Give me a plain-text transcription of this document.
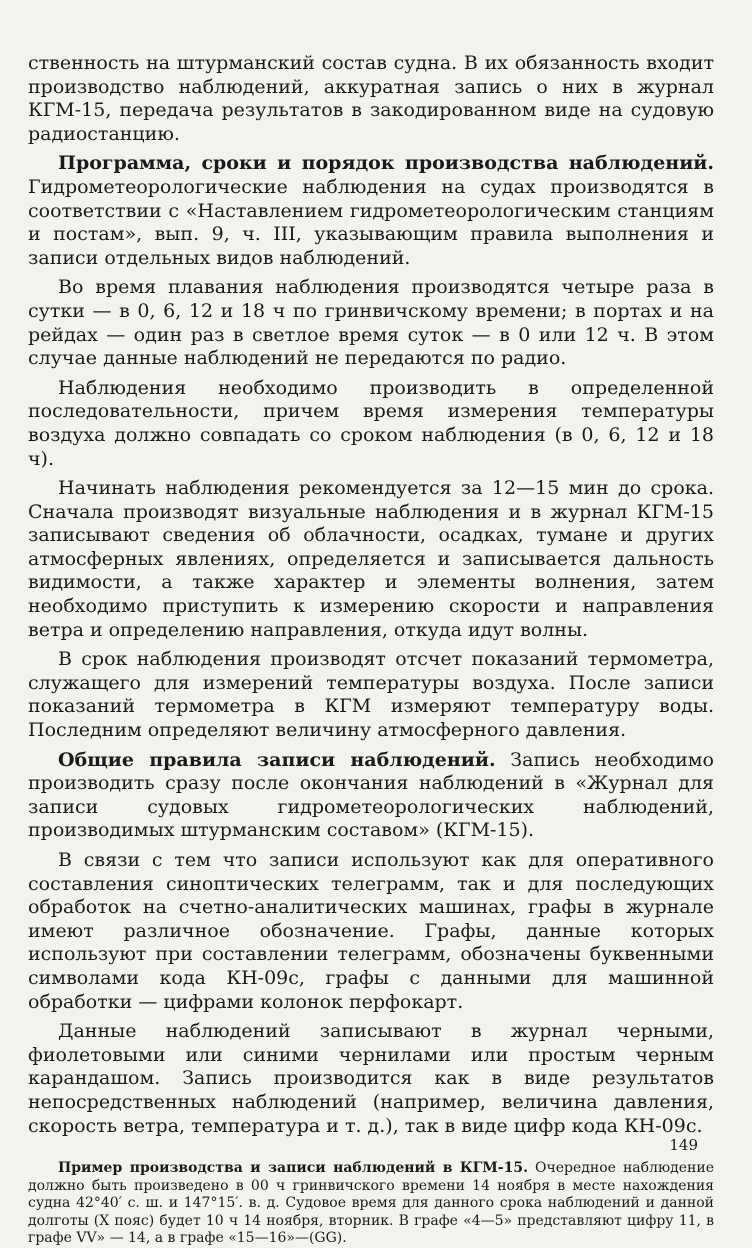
ственность на штурманский состав судна. В их обязанность входит производство наблюдений, аккуратная запись о них в журнал КГМ-15, передача результатов в закодированном виде на судовую радиостанцию.

Программа, сроки и порядок производства наблюдений. Гидрометеорологические наблюдения на судах производятся в соответствии с «Наставлением гидрометеорологическим станциям и постам», вып. 9, ч. III, указывающим правила выполнения и записи отдельных видов наблюдений.

Во время плавания наблюдения производятся четыре раза в сутки — в 0, 6, 12 и 18 ч по гринвичскому времени; в портах и на рейдах — один раз в светлое время суток — в 0 или 12 ч. В этом случае данные наблюдений не передаются по радио.

Наблюдения необходимо производить в определенной последовательности, причем время измерения температуры воздуха должно совпадать со сроком наблюдения (в 0, 6, 12 и 18 ч).

Начинать наблюдения рекомендуется за 12—15 мин до срока. Сначала производят визуальные наблюдения и в журнал КГМ-15 записывают сведения об облачности, осадках, тумане и других атмосферных явлениях, определяется и записывается дальность видимости, а также характер и элементы волнения, затем необходимо приступить к измерению скорости и направления ветра и определению направления, откуда идут волны.

В срок наблюдения производят отсчет показаний термометра, служащего для измерений температуры воздуха. После записи показаний термометра в КГМ измеряют температуру воды. Последним определяют величину атмосферного давления.

Общие правила записи наблюдений. Запись необходимо производить сразу после окончания наблюдений в «Журнал для записи судовых гидрометеорологических наблюдений, производимых штурманским составом» (КГМ-15).

В связи с тем что записи используют как для оперативного составления синоптических телеграмм, так и для последующих обработок на счетно-аналитических машинах, графы в журнале имеют различное обозначение. Графы, данные которых используют при составлении телеграмм, обозначены буквенными символами кода КН-09с, графы с данными для машинной обработки — цифрами колонок перфокарт.

Данные наблюдений записывают в журнал черными, фиолетовыми или синими чернилами или простым черным карандашом. Запись производится как в виде результатов непосредственных наблюдений (например, величина давления, скорость ветра, температура и т. д.), так в виде цифр кода КН-09с.

Пример производства и записи наблюдений в КГМ-15. Очередное наблюдение должно быть произведено в 00 ч гринвичского времени 14 ноября в месте нахождения судна 42°40′ с. ш. и 147°15′. в. д. Судовое время для данного срока наблюдений и данной долготы (X пояс) будет 10 ч 14 ноября, вторник. В графе «4—5» представляют цифру 11, в графе VV» — 14, а в графе «15—16»—(GG).

149
